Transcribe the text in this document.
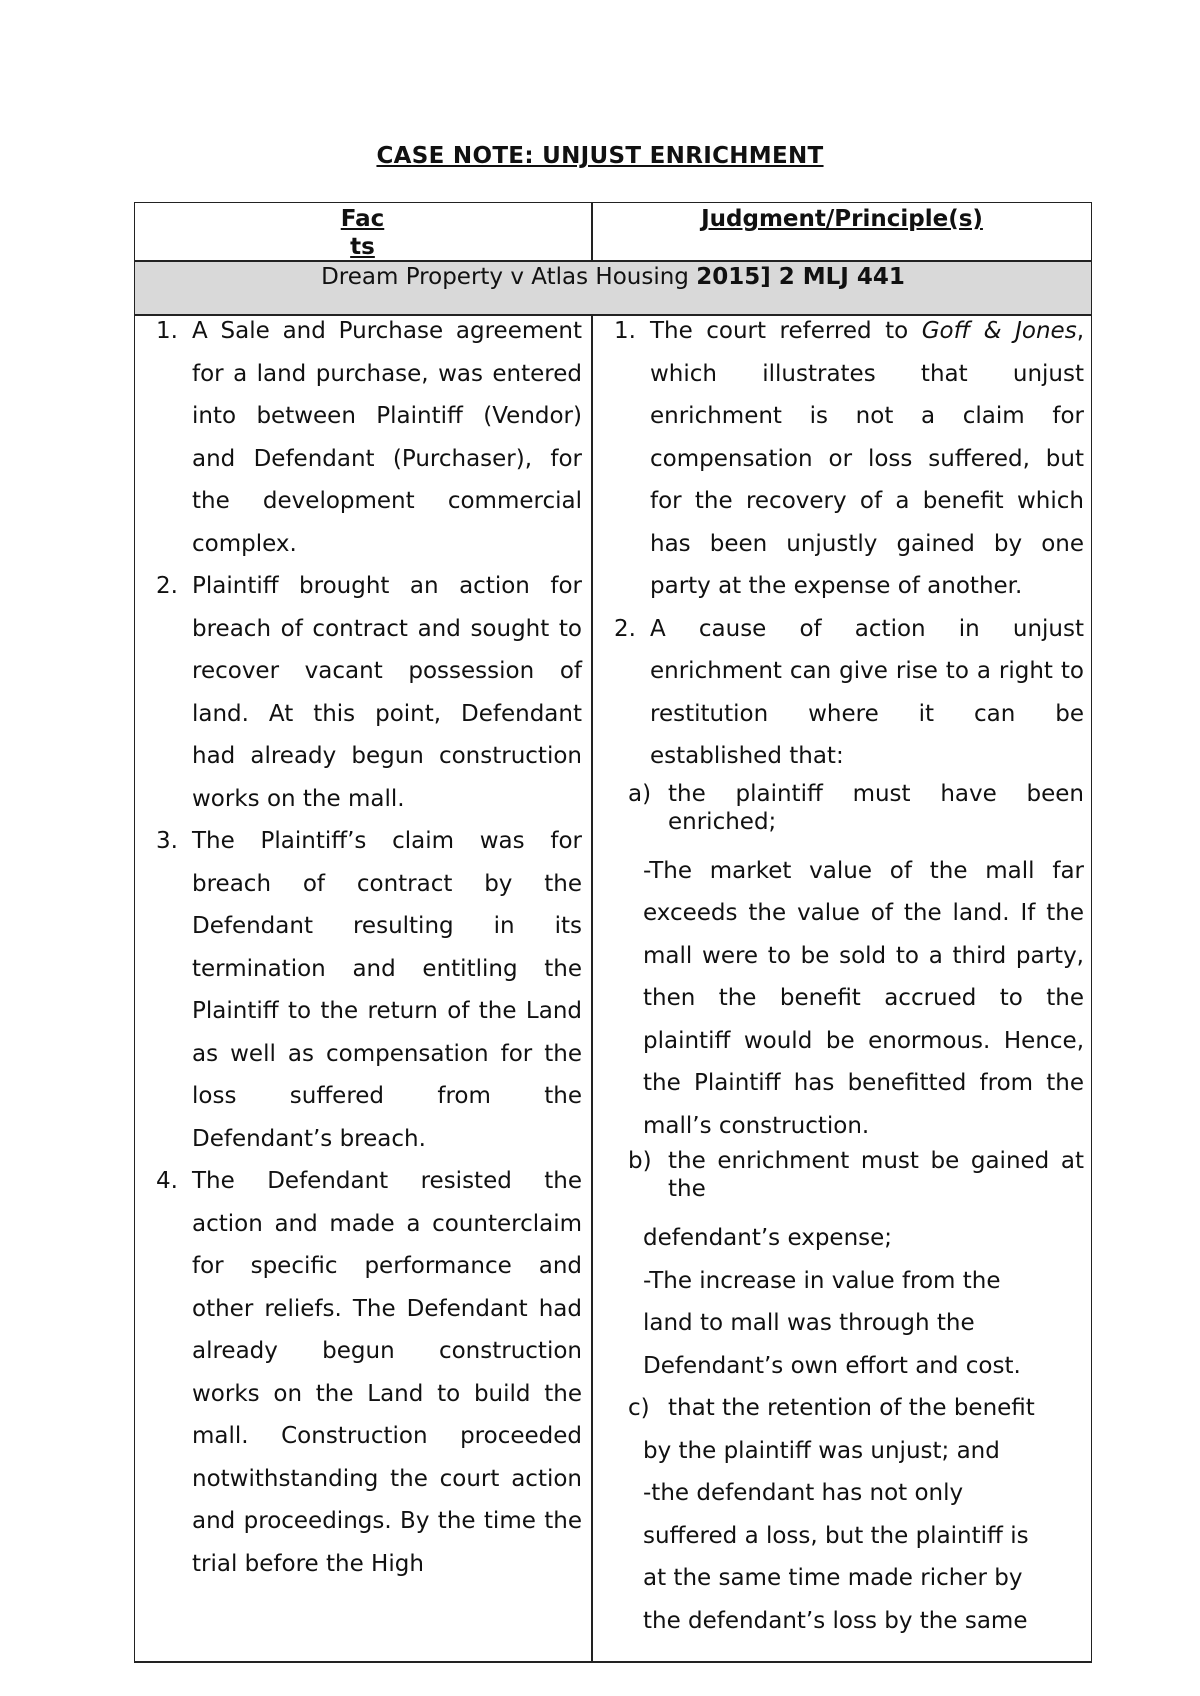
CASE NOTE: UNJUST ENRICHMENT
Fac
ts
Judgment/Principle(s)
Dream Property v Atlas Housing 2015] 2 MLJ 441

1. A Sale and Purchase agreement for a land purchase, was entered into between Plaintiff (Vendor) and Defendant (Purchaser), for the development commercial complex.

2. Plaintiff brought an action for breach of contract and sought to recover vacant possession of land. At this point, Defendant had already begun construction works on the mall.

3. The Plaintiff’s claim was for breach of contract by the Defendant resulting in its termination and entitling the Plaintiff to the return of the Land as well as compensation for the loss suffered from the Defendant’s breach.

4. The Defendant resisted the action and made a counterclaim for specific performance and other reliefs. The Defendant had already begun construction works on the Land to build the mall. Construction proceeded notwithstanding the court action and proceedings. By the time the trial before the High

1. The court referred to Goff & Jones, which illustrates that unjust enrichment is not a claim for compensation or loss suffered, but for the recovery of a benefit which has been unjustly gained by one party at the expense of another.

2. A cause of action in unjust enrichment can give rise to a right to restitution where it can be established that:

a) the plaintiff must have been enriched;

-The market value of the mall far exceeds the value of the land. If the mall were to be sold to a third party, then the benefit accrued to the plaintiff would be enormous. Hence, the Plaintiff has benefitted from the mall’s construction.

b) the enrichment must be gained at the

defendant’s expense;

-The increase in value from the
land to mall was through the
Defendant’s own effort and cost.

c) that the retention of the benefit

by the plaintiff was unjust; and

-the defendant has not only
suffered a loss, but the plaintiff is
at the same time made richer by
the defendant’s loss by the same
